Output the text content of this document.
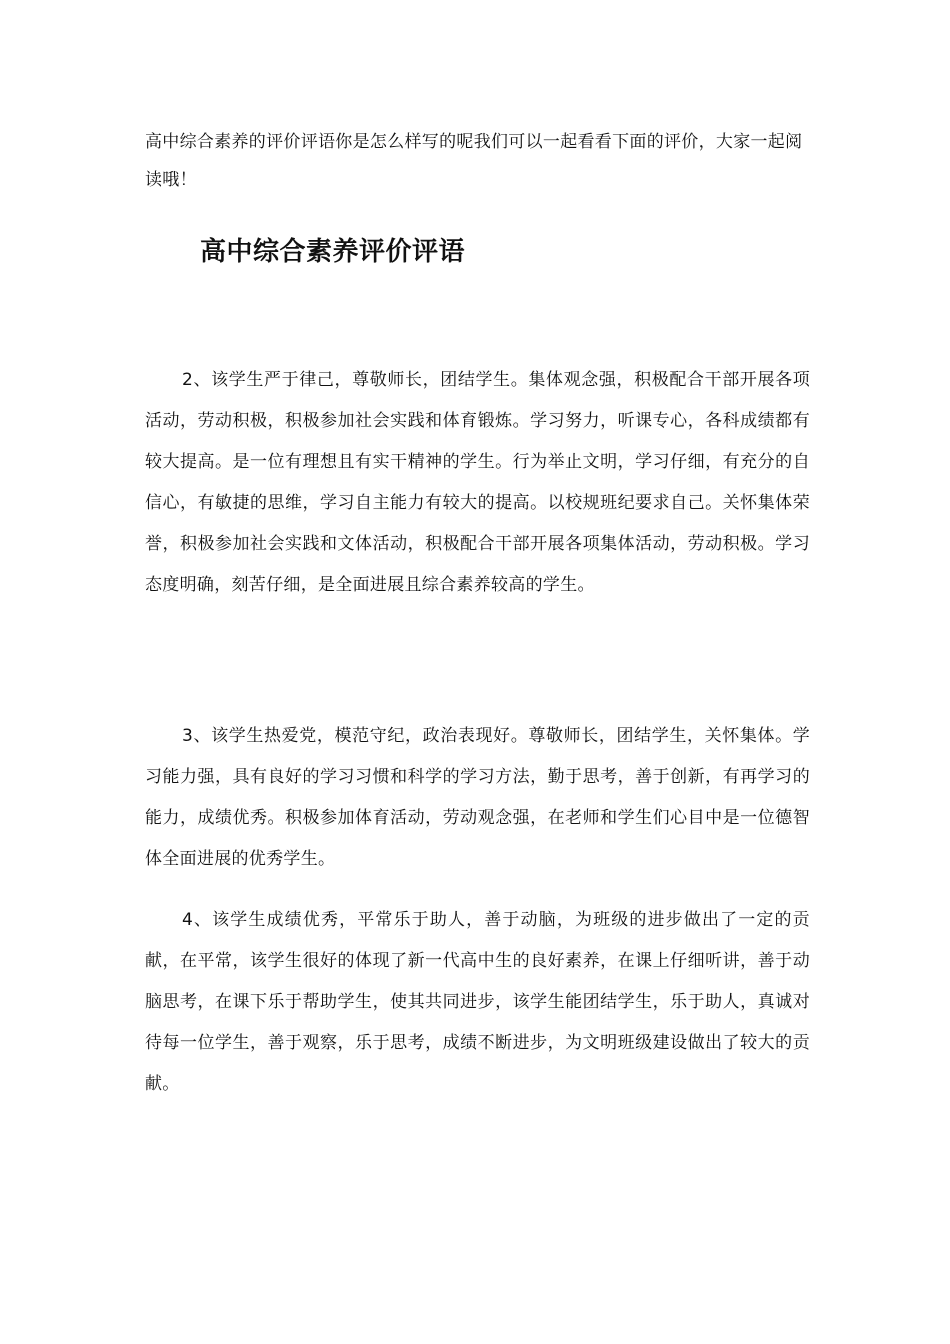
高中综合素养的评价评语你是怎么样写的呢我们可以一起看看下面的评价，大家一起阅读哦！

高中综合素养评价评语

2、该学生严于律己，尊敬师长，团结学生。集体观念强，积极配合干部开展各项活动，劳动积极，积极参加社会实践和体育锻炼。学习努力，听课专心，各科成绩都有较大提高。是一位有理想且有实干精神的学生。行为举止文明，学习仔细，有充分的自信心，有敏捷的思维，学习自主能力有较大的提高。以校规班纪要求自己。关怀集体荣誉，积极参加社会实践和文体活动，积极配合干部开展各项集体活动，劳动积极。学习态度明确，刻苦仔细，是全面进展且综合素养较高的学生。

3、该学生热爱党，模范守纪，政治表现好。尊敬师长，团结学生，关怀集体。学习能力强，具有良好的学习习惯和科学的学习方法，勤于思考，善于创新，有再学习的能力，成绩优秀。积极参加体育活动，劳动观念强，在老师和学生们心目中是一位德智体全面进展的优秀学生。

4、该学生成绩优秀，平常乐于助人，善于动脑，为班级的进步做出了一定的贡献，在平常，该学生很好的体现了新一代高中生的良好素养，在课上仔细听讲，善于动脑思考，在课下乐于帮助学生，使其共同进步，该学生能团结学生，乐于助人，真诚对待每一位学生，善于观察，乐于思考，成绩不断进步，为文明班级建设做出了较大的贡献。
